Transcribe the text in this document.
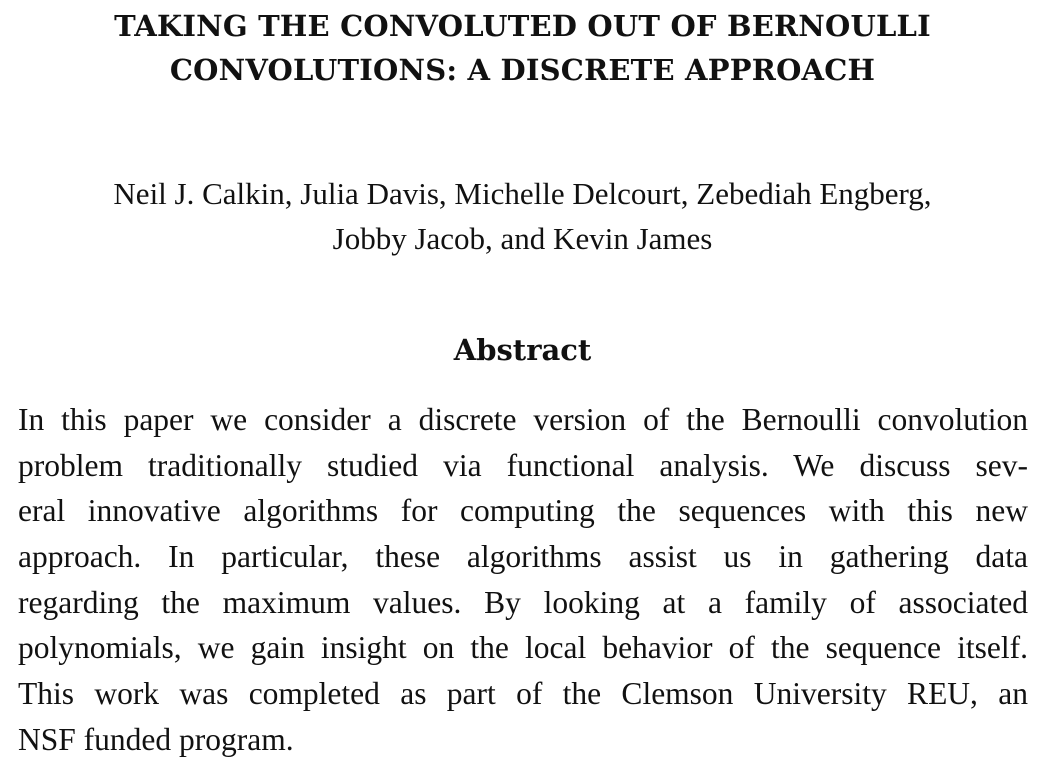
TAKING THE CONVOLUTED OUT OF BERNOULLI
CONVOLUTIONS: A DISCRETE APPROACH
Neil J. Calkin, Julia Davis, Michelle Delcourt, Zebediah Engberg,
Jobby Jacob, and Kevin James
Abstract
In this paper we consider a discrete version of the Bernoulli convolution
problem traditionally studied via functional analysis. We discuss sev-
eral innovative algorithms for computing the sequences with this new
approach. In particular, these algorithms assist us in gathering data
regarding the maximum values. By looking at a family of associated
polynomials, we gain insight on the local behavior of the sequence itself.
This work was completed as part of the Clemson University REU, an
NSF funded program.
